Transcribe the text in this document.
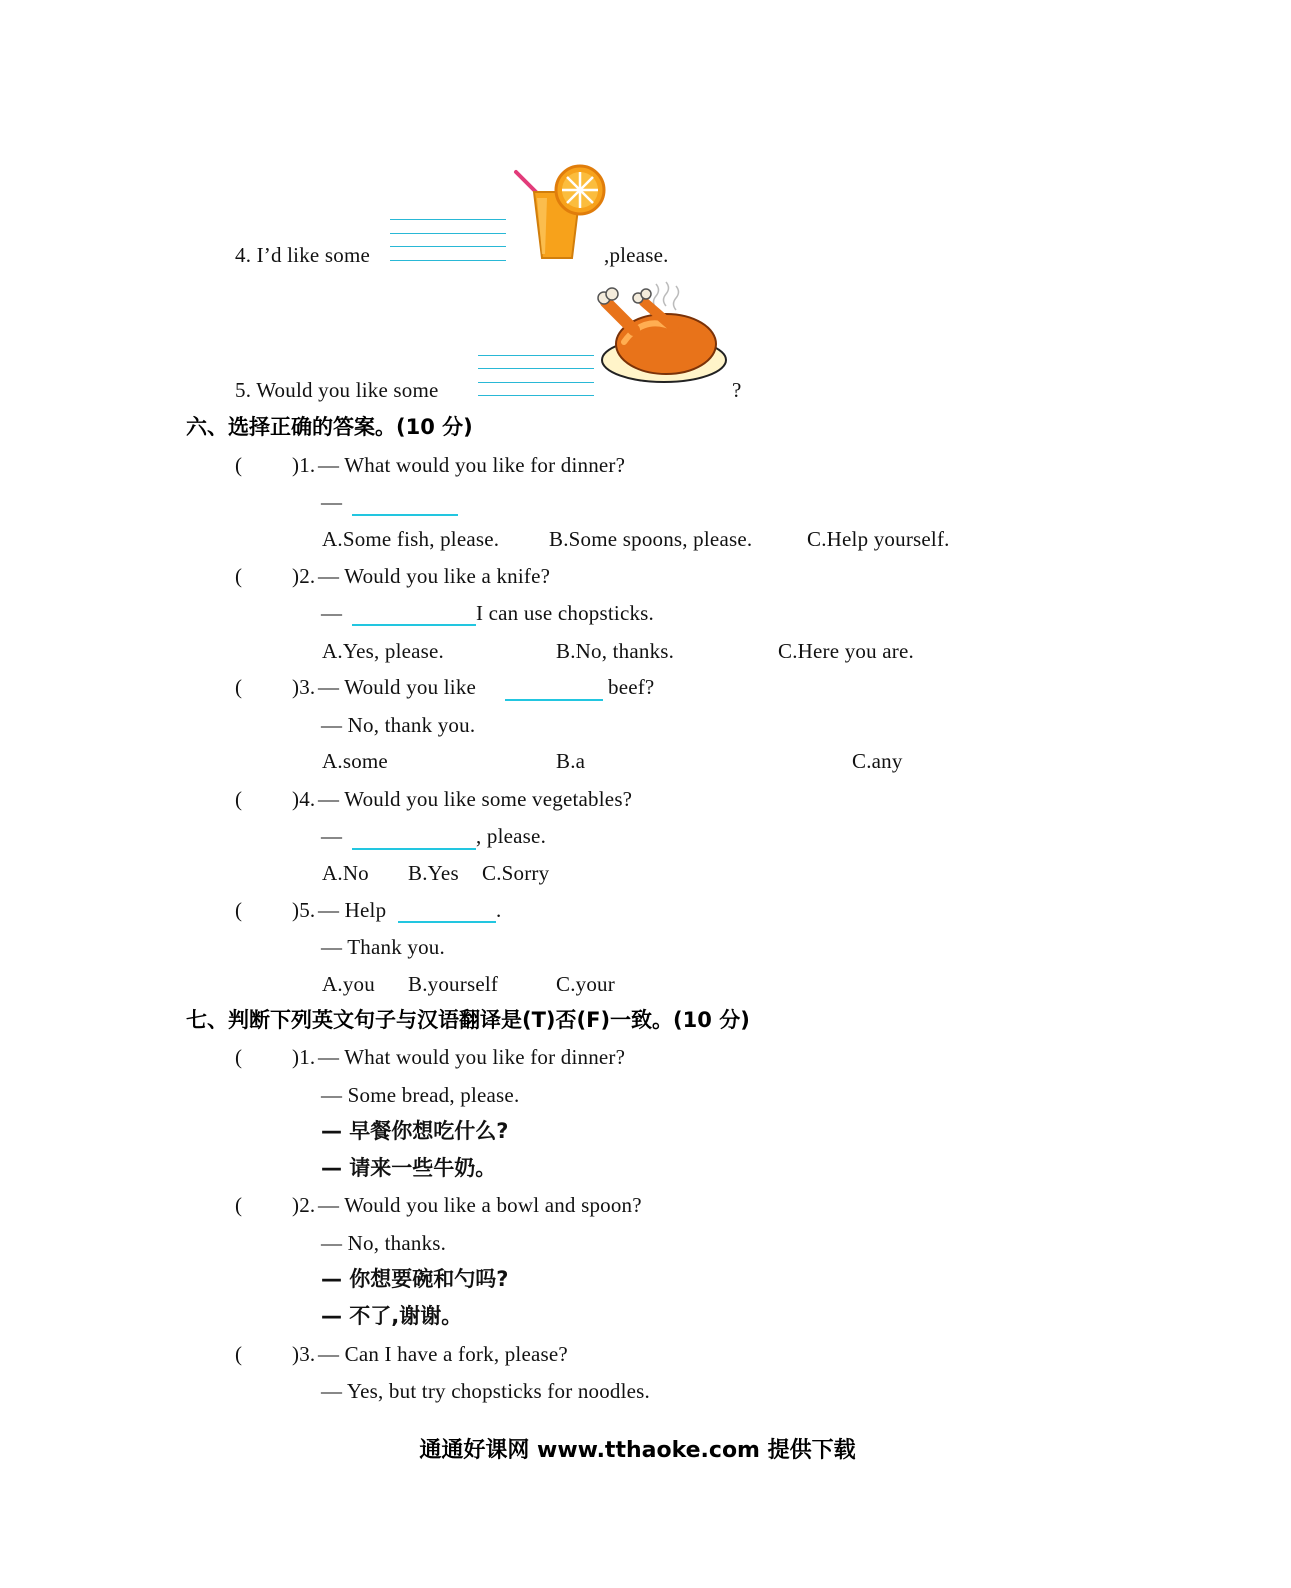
4. I’d like some	,please.
5. Would you like some	?
六、选择正确的答案。(10 分)
( )1. — What would you like for dinner?
—
A.Some fish, please. B.Some spoons, please.	C.Help yourself.
( )2. — Would you like a knife?
—	I can use chopsticks.
A.Yes, please.	B.No, thanks.	C.Here you are.
( )3. — Would you like	beef?
— No, thank you.
A.some	B.a	C.any
( )4. — Would you like some vegetables?
—	, please.
A.No B.Yes C.Sorry
( )5. — Help	.
— Thank you.
A.you B.yourself	C.your
七、判断下列英文句子与汉语翻译是(T)否(F)一致。(10 分)
( )1. — What would you like for dinner?
— Some bread, please.
— 早餐你想吃什么?
— 请来一些牛奶。
( )2. — Would you like a bowl and spoon?
— No, thanks.
— 你想要碗和勺吗?
— 不了,谢谢。
( )3. — Can I have a fork, please?
— Yes, but try chopsticks for noodles.
通通好课网 www.tthaoke.com 提供下载
